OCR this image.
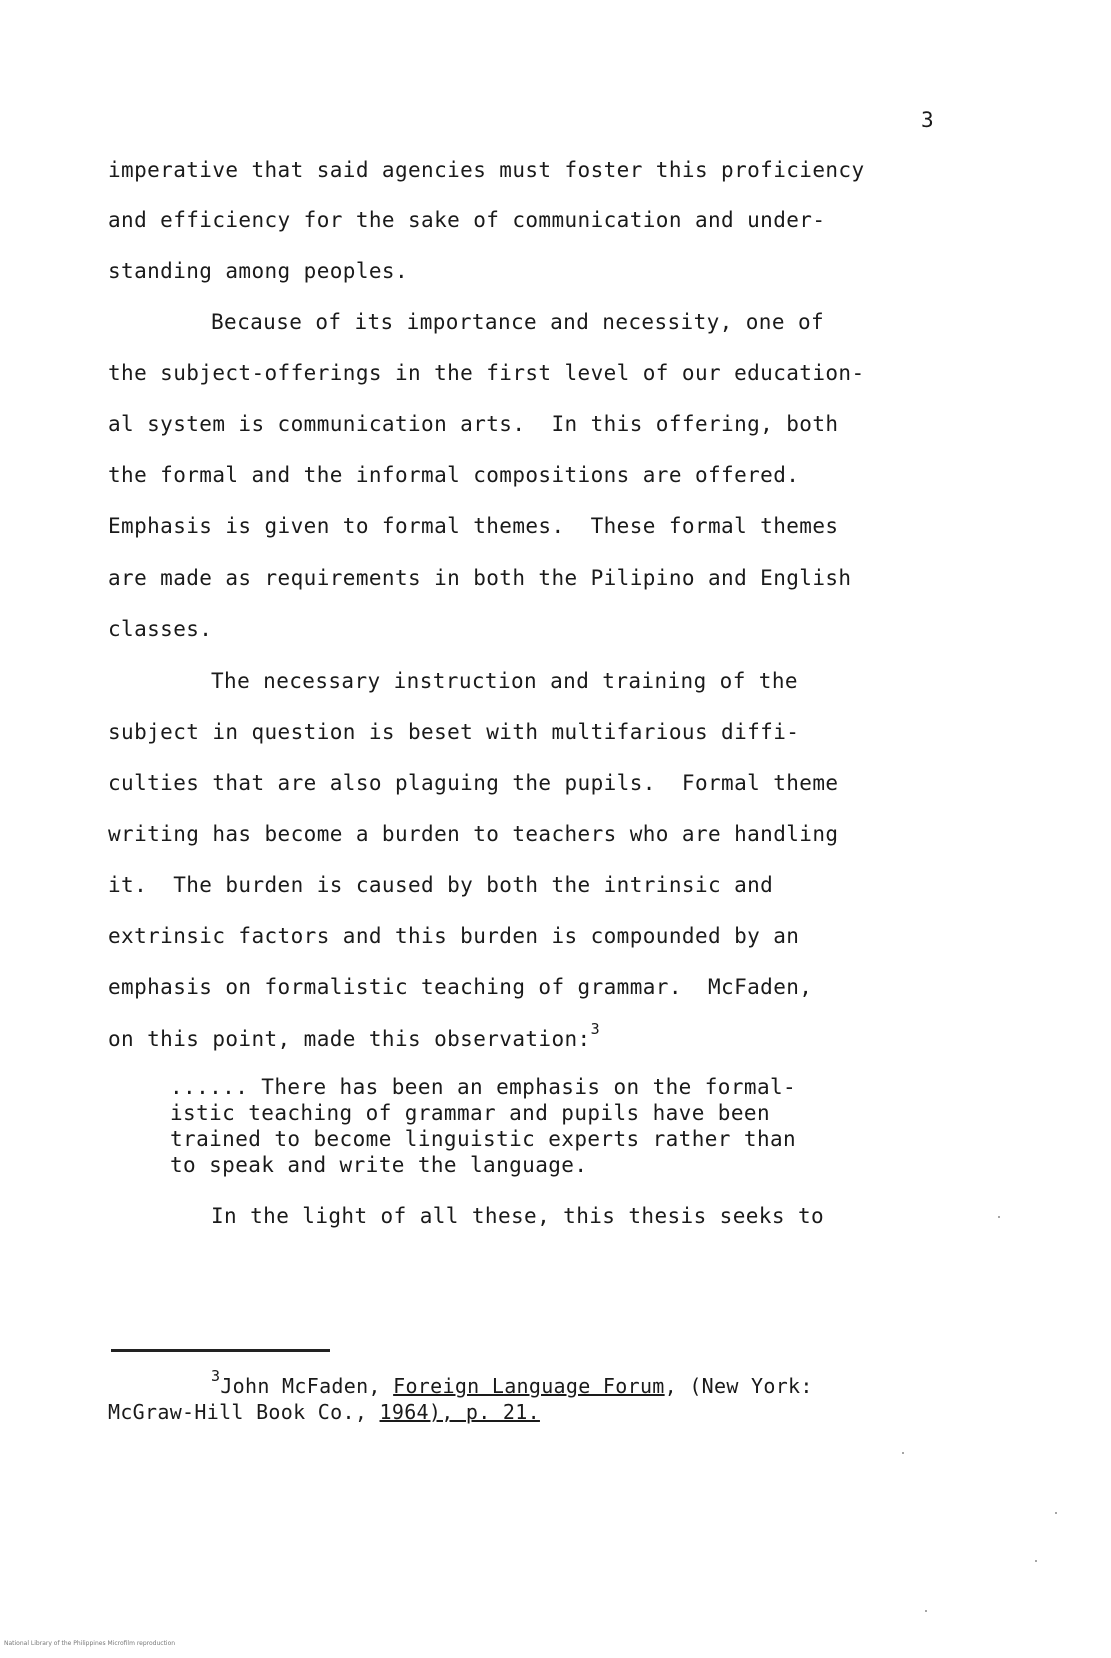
3
imperative that said agencies must foster this proficiency
and efficiency for the sake of communication and under-
standing among peoples.
Because of its importance and necessity, one of
the subject-offerings in the first level of our education-
al system is communication arts.  In this offering, both
the formal and the informal compositions are offered.
Emphasis is given to formal themes.  These formal themes
are made as requirements in both the Pilipino and English
classes.
The necessary instruction and training of the
subject in question is beset with multifarious diffi-
culties that are also plaguing the pupils.  Formal theme
writing has become a burden to teachers who are handling
it.  The burden is caused by both the intrinsic and
extrinsic factors and this burden is compounded by an
emphasis on formalistic teaching of grammar.  McFaden,
on this point, made this observation:$^3$
...... There has been an emphasis on the formal-
istic teaching of grammar and pupils have been
trained to become linguistic experts rather than
to speak and write the language.
In the light of all these, this thesis seeks to
$^3$John McFaden, Foreign Language Forum, (New York:
McGraw-Hill Book Co., 1964), p. 21.
National Library of the Philippines Microfilm reproduction
